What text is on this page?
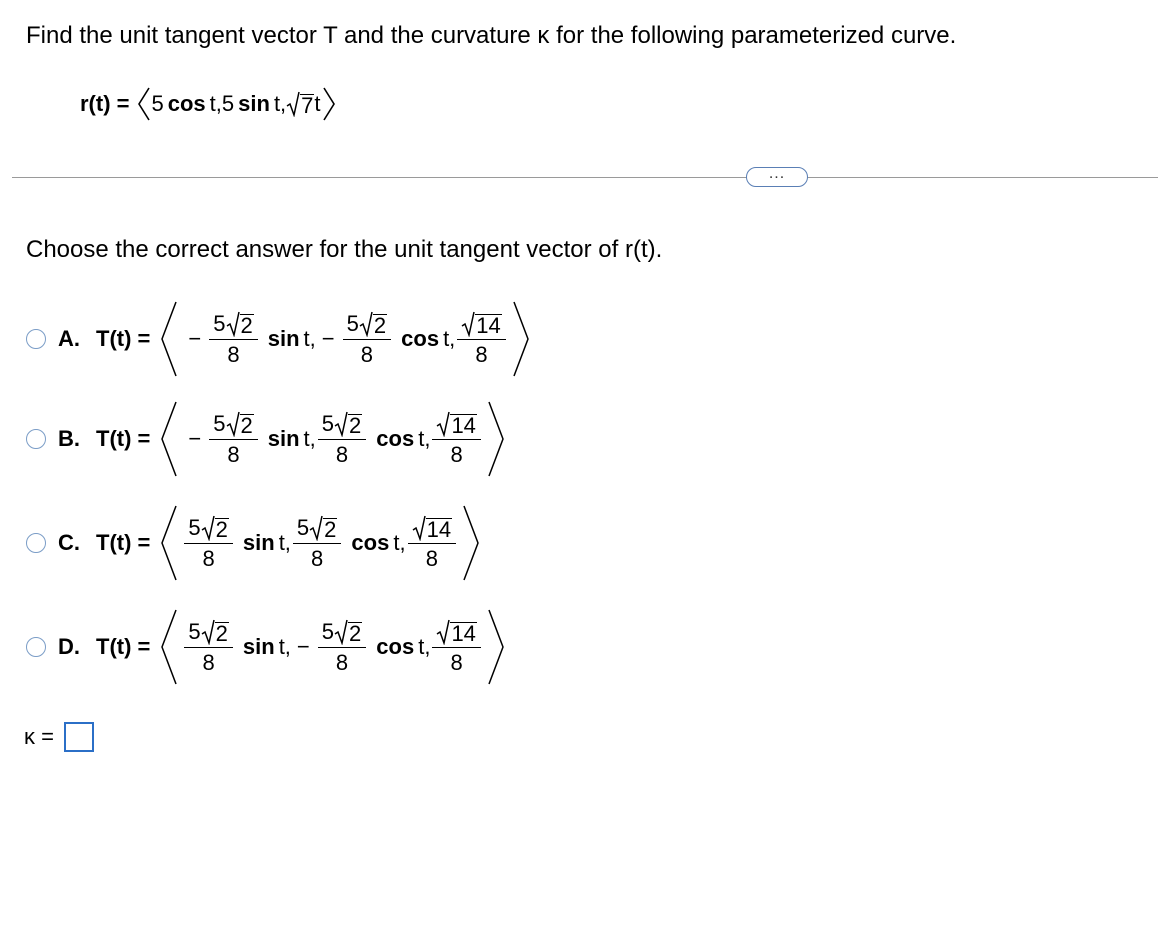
Find the unit tangent vector T and the curvature κ for the following parameterized curve.
r(t) = 5 cos t,5 sin t, 7 t
...
Choose the correct answer for the unit tangent vector of r(t).
A. T(t) = − $\frac{5 2}{8}$ sin t, − $\frac{5 2}{8}$ cos t, $\frac{14}{8}$
B. T(t) = − $\frac{5 2}{8}$ sin t, $\frac{5 2}{8}$ cos t, $\frac{14}{8}$
C. $T(t) = \frac{5 2}{8}$ sin t, $\frac{5 2}{8}$ cos t, $\frac{14}{8}$
D. $T(t) = \frac{5 2}{8}$ sin t, − $\frac{5 2}{8}$ cos t, $\frac{14}{8}$
κ =
